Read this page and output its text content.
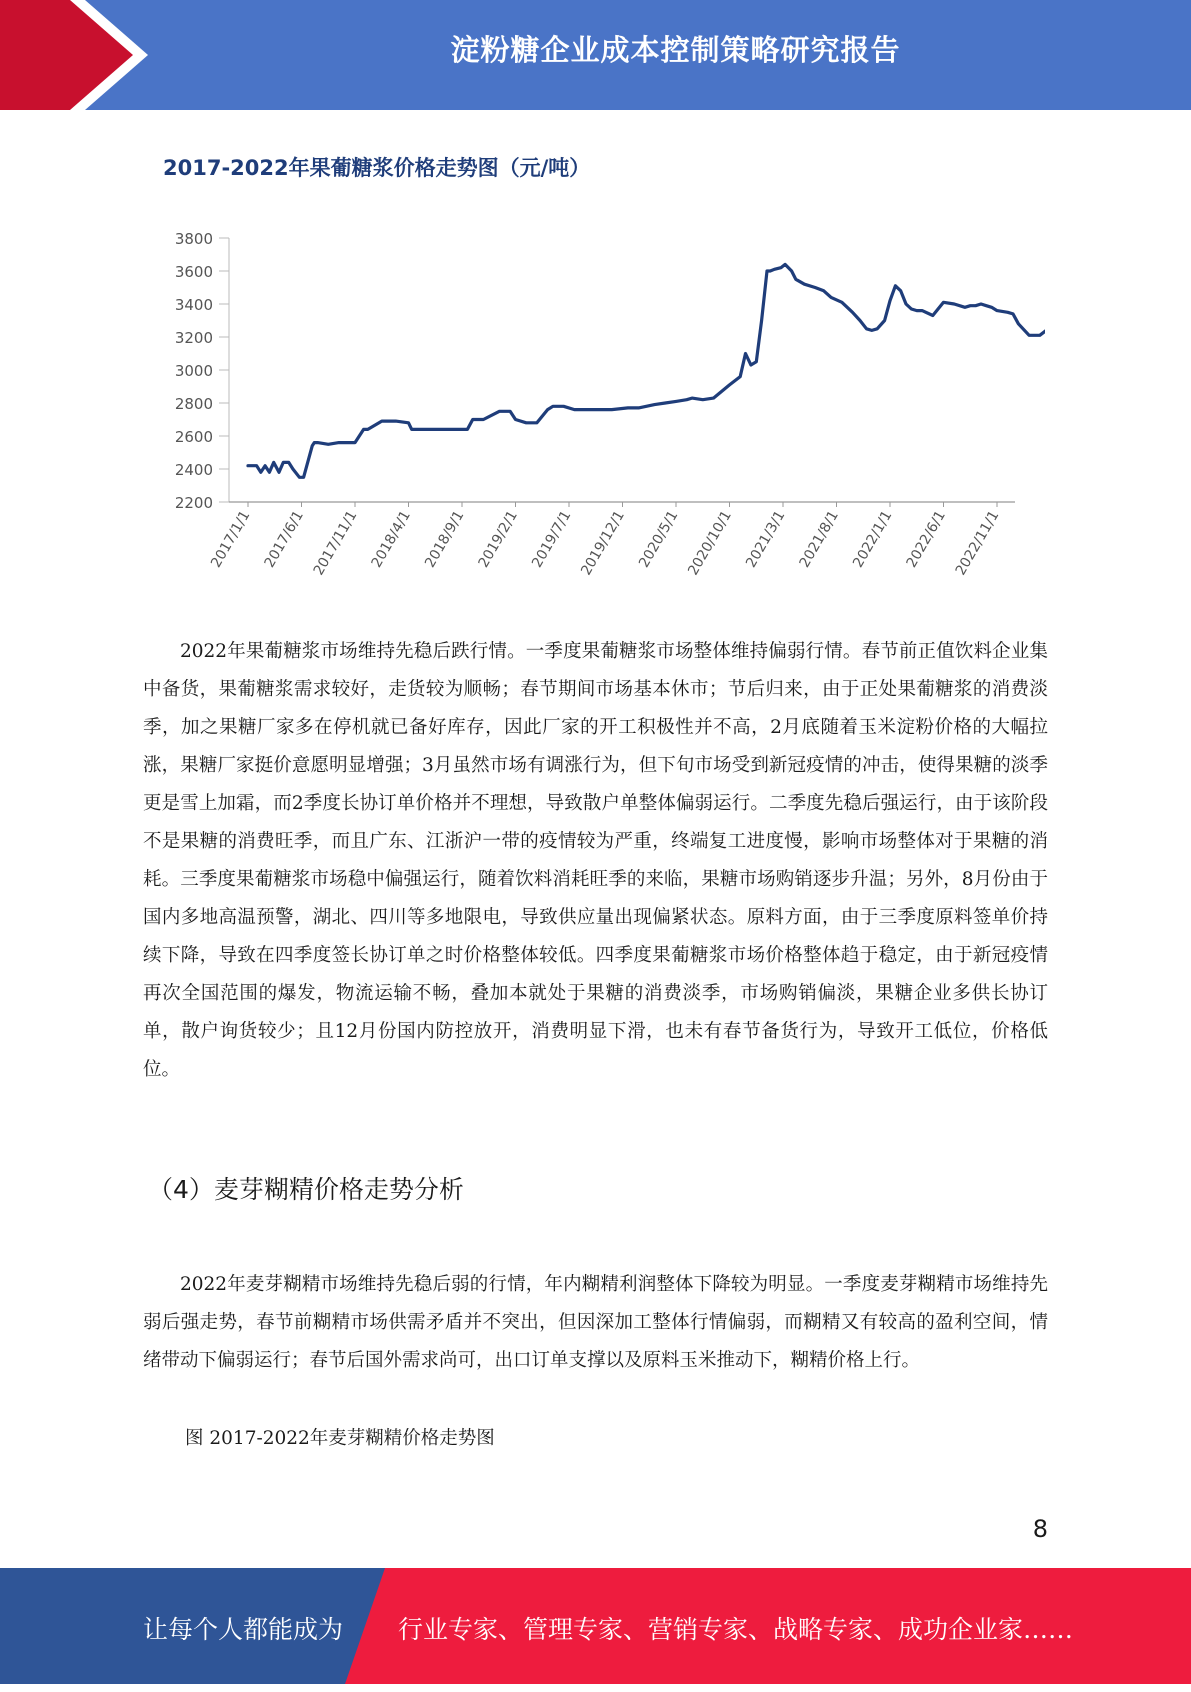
淀粉糖企业成本控制策略研究报告
2017-2022年果葡糖浆价格走势图（元/吨）
3800
3600
3400
3200
3000
2800
2600
2400
2200
2017/1/1 2017/6/1 2017/11/1 2018/4/1 2018/9/1 2019/2/1 2019/7/1 2019/12/1 2020/5/1 2020/10/1 2021/3/1 2021/8/1 2022/1/1 2022/6/1 2022/11/1

2022年果葡糖浆市场维持先稳后跌行情。一季度果葡糖浆市场整体维持偏弱行情。春节前正值饮料企业集中备货，果葡糖浆需求较好，走货较为顺畅；春节期间市场基本休市；节后归来，由于正处果葡糖浆的消费淡季，加之果糖厂家多在停机就已备好库存，因此厂家的开工积极性并不高，2月底随着玉米淀粉价格的大幅拉涨，果糖厂家挺价意愿明显增强；3月虽然市场有调涨行为，但下旬市场受到新冠疫情的冲击，使得果糖的淡季更是雪上加霜，而2季度长协订单价格并不理想，导致散户单整体偏弱运行。二季度先稳后强运行，由于该阶段不是果糖的消费旺季，而且广东、江浙沪一带的疫情较为严重，终端复工进度慢，影响市场整体对于果糖的消耗。三季度果葡糖浆市场稳中偏强运行，随着饮料消耗旺季的来临，果糖市场购销逐步升温；另外，8月份由于国内多地高温预警，湖北、四川等多地限电，导致供应量出现偏紧状态。原料方面，由于三季度原料签单价持续下降，导致在四季度签长协订单之时价格整体较低。四季度果葡糖浆市场价格整体趋于稳定，由于新冠疫情再次全国范围的爆发，物流运输不畅，叠加本就处于果糖的消费淡季，市场购销偏淡，果糖企业多供长协订单，散户询货较少；且12月份国内防控放开，消费明显下滑，也未有春节备货行为，导致开工低位，价格低位。

（4）麦芽糊精价格走势分析

2022年麦芽糊精市场维持先稳后弱的行情，年内糊精利润整体下降较为明显。一季度麦芽糊精市场维持先弱后强走势，春节前糊精市场供需矛盾并不突出，但因深加工整体行情偏弱，而糊精又有较高的盈利空间，情绪带动下偏弱运行；春节后国外需求尚可，出口订单支撑以及原料玉米推动下，糊精价格上行。

图 2017-2022年麦芽糊精价格走势图

8
让每个人都能成为 行业专家、管理专家、营销专家、战略专家、成功企业家……
